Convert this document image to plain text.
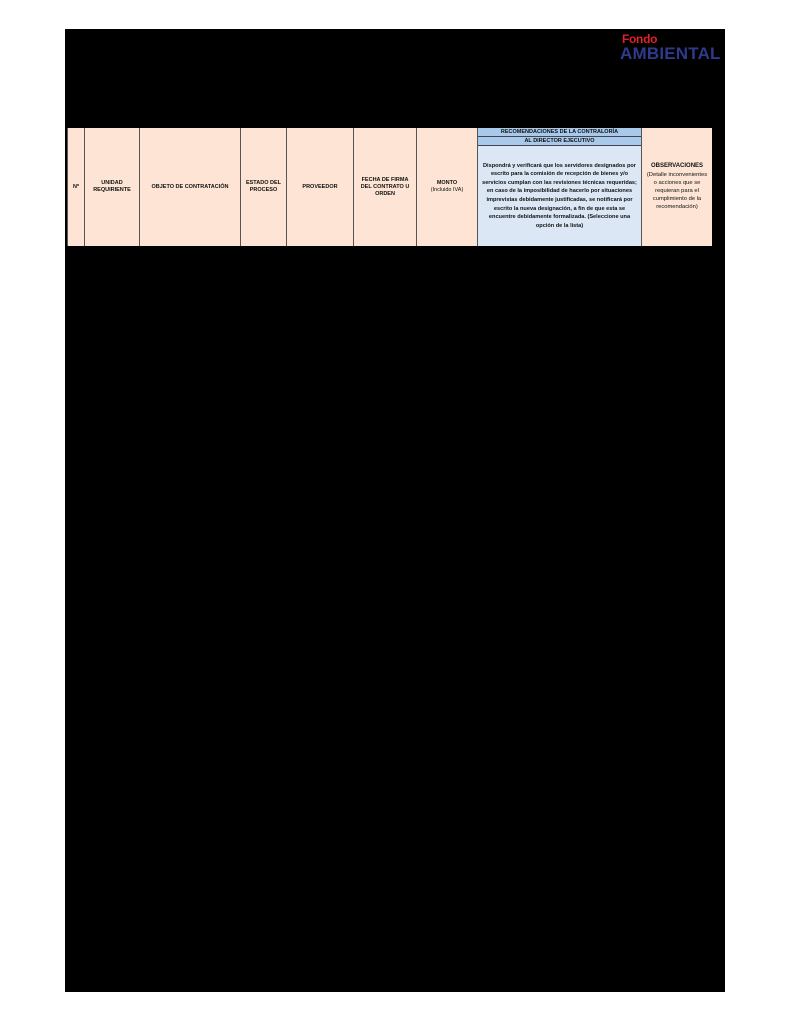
Fondo
AMBIENTAL
Nº
UNIDAD REQUIRIENTE
OBJETO DE CONTRATACIÓN
ESTADO DEL PROCESO
PROVEEDOR
FECHA DE FIRMA DEL CONTRATO U ORDEN
MONTO
(Incluido IVA)
RECOMENDACIONES DE LA CONTRALORÍA
AL DIRECTOR EJECUTIVO
Dispondrá y verificará que los servidores designados por escrito para la comisión de recepción de bienes y/o servicios cumplan con las revisiones técnicas requeridas; en caso de la imposibilidad de hacerlo por situaciones imprevistas debidamente justificadas, se notificará por escrito la nueva designación, a fin de que esta se encuentre debidamente formalizada. (Seleccione una opción de la lista)
OBSERVACIONES
(Detalle inconvenientes o acciones que se requieran para el cumplimiento de la recomendación)
